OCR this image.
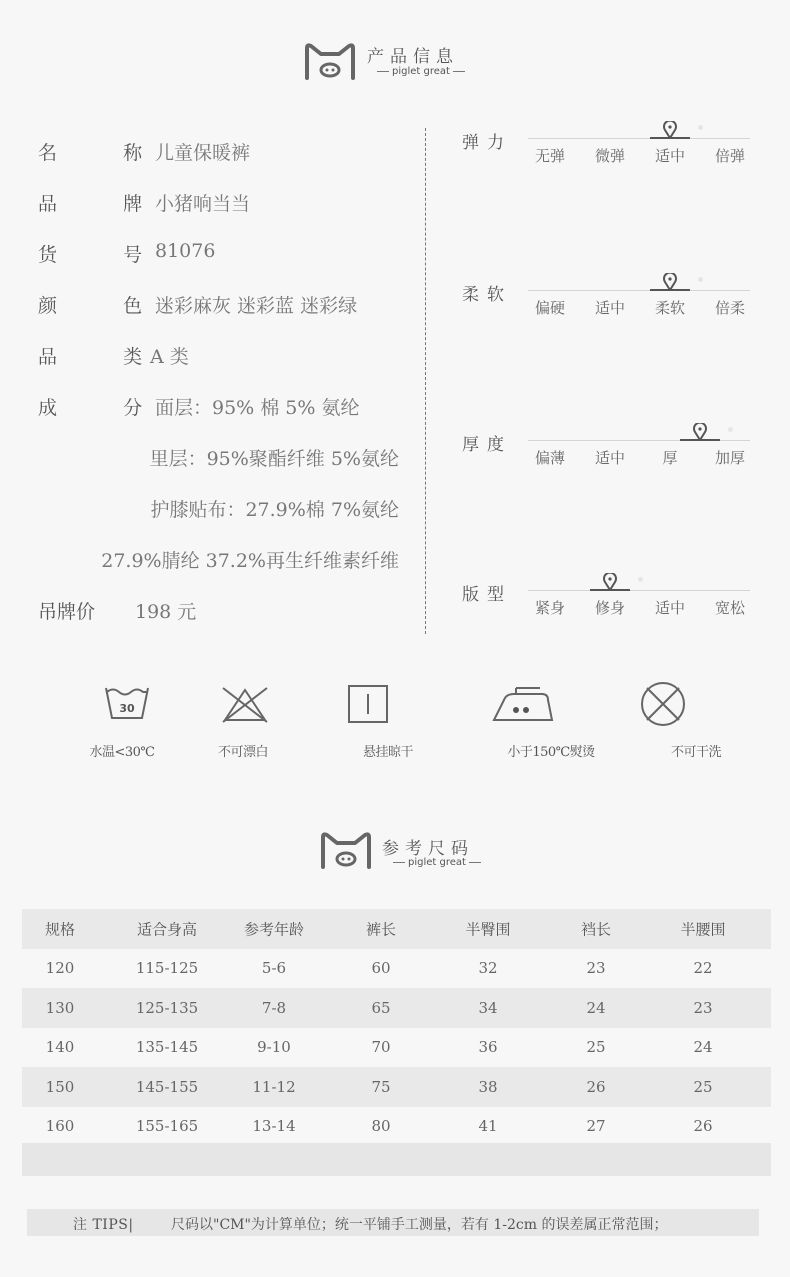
产品信息
piglet great
名  称
儿童保暖裤
品  牌
小猪响当当
货  号
81076
颜  色
迷彩麻灰 迷彩蓝 迷彩绿
品  类
A 类
成  分
面层：95% 棉 5% 氨纶
里层：95%聚酯纤维 5%氨纶
护膝贴布：27.9%棉 7%氨纶
27.9%腈纶 37.2%再生纤维素纤维
吊牌价 198 元
弹力
无弹	微弹	适中	倍弹
柔软
偏硬	适中	柔软	倍柔
厚度
偏薄	适中	厚	加厚
版型
紧身	修身	适中	宽松
30
水温<30℃	不可漂白	悬挂晾干	小于150℃熨烫	不可干洗
参考尺码
piglet great
规格	适合身高	参考年龄	裤长	半臀围	裆长	半腰围
120	115-125	5-6	60	32	23	22
130	125-135	7-8	65	34	24	23
140	135-145	9-10	70	36	25	24
150	145-155	11-12	75	38	26	25
160	155-165	13-14	80	41	27	26
注 TIPS|	尺码以"CM"为计算单位；统一平铺手工测量，若有 1-2cm 的误差属正常范围；
